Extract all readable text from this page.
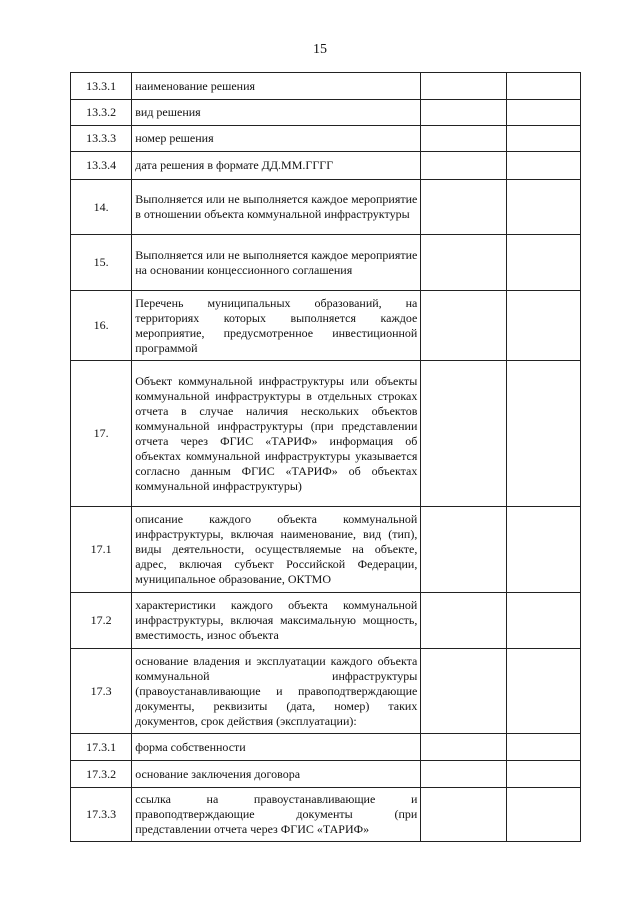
15
13.3.1	наименование решения		
13.3.2	вид решения		
13.3.3	номер решения		
13.3.4	дата решения в формате ДД.ММ.ГГГГ		
14.	Выполняется или не выполняется каждое мероприятие в отношении объекта коммунальной инфраструктуры		
15.	Выполняется или не выполняется каждое мероприятие на основании концессионного соглашения		
16.	Перечень муниципальных образований, на территориях которых выполняется каждое мероприятие, предусмотренное инвестиционной программой		
17.	Объект коммунальной инфраструктуры или объекты коммунальной инфраструктуры в отдельных строках отчета в случае наличия нескольких объектов коммунальной инфраструктуры (при представлении отчета через ФГИС «ТАРИФ» информация об объектах коммунальной инфраструктуры указывается согласно данным ФГИС «ТАРИФ» об объектах коммунальной инфраструктуры)		
17.1	описание каждого объекта коммунальной инфраструктуры, включая наименование, вид (тип), виды деятельности, осуществляемые на объекте, адрес, включая субъект Российской Федерации, муниципальное образование, ОКТМО		
17.2	характеристики каждого объекта коммунальной инфраструктуры, включая максимальную мощность, вместимость, износ объекта		
17.3	основание владения и эксплуатации каждого объекта коммунальной инфраструктуры (правоустанавливающие и правоподтверждающие документы, реквизиты (дата, номер) таких документов, срок действия (эксплуатации):		
17.3.1	форма собственности		
17.3.2	основание заключения договора		
17.3.3	ссылка на правоустанавливающие и правоподтверждающие документы (при представлении отчета через ФГИС «ТАРИФ»		
